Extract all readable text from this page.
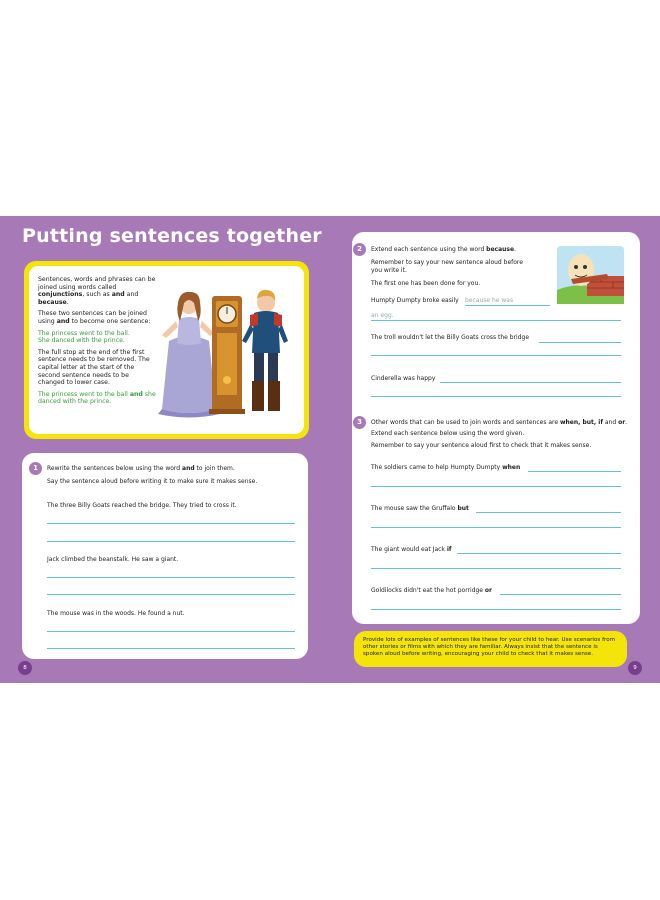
Putting sentences together

Sentences, words and phrases can be joined using words called conjunctions, such as and and because.

These two sentences can be joined using and to become one sentence:

The princess went to the ball.
She danced with the prince.

The full stop at the end of the first sentence needs to be removed. The capital letter at the start of the second sentence needs to be changed to lower case.

The princess went to the ball and she danced with the prince.

1	Rewrite the sentences below using the word and to join them.
Say the sentence aloud before writing it to make sure it makes sense.
The three Billy Goats reached the bridge. They tried to cross it.
Jack climbed the beanstalk. He saw a giant.
The mouse was in the woods. He found a nut.
2	Extend each sentence using the word because.
Remember to say your new sentence aloud before
you write it.
The first one has been done for you.
Humpty Dumpty broke easily because he was
an egg.
The troll wouldn't let the Billy Goats cross the bridge
Cinderella was happy
3	Other words that can be used to join words and sentences are when, but, if and or.
Extend each sentence below using the word given.
Remember to say your sentence aloud first to check that it makes sense.
The soldiers came to help Humpty Dumpty when
The mouse saw the Gruffalo but
The giant would eat Jack if
Goldilocks didn't eat the hot porridge or
Provide lots of examples of sentences like these for your child to hear. Use scenarios from other stories or films with which they are familiar. Always insist that the sentence is spoken aloud before writing, encouraging your child to check that it makes sense.
8	9
